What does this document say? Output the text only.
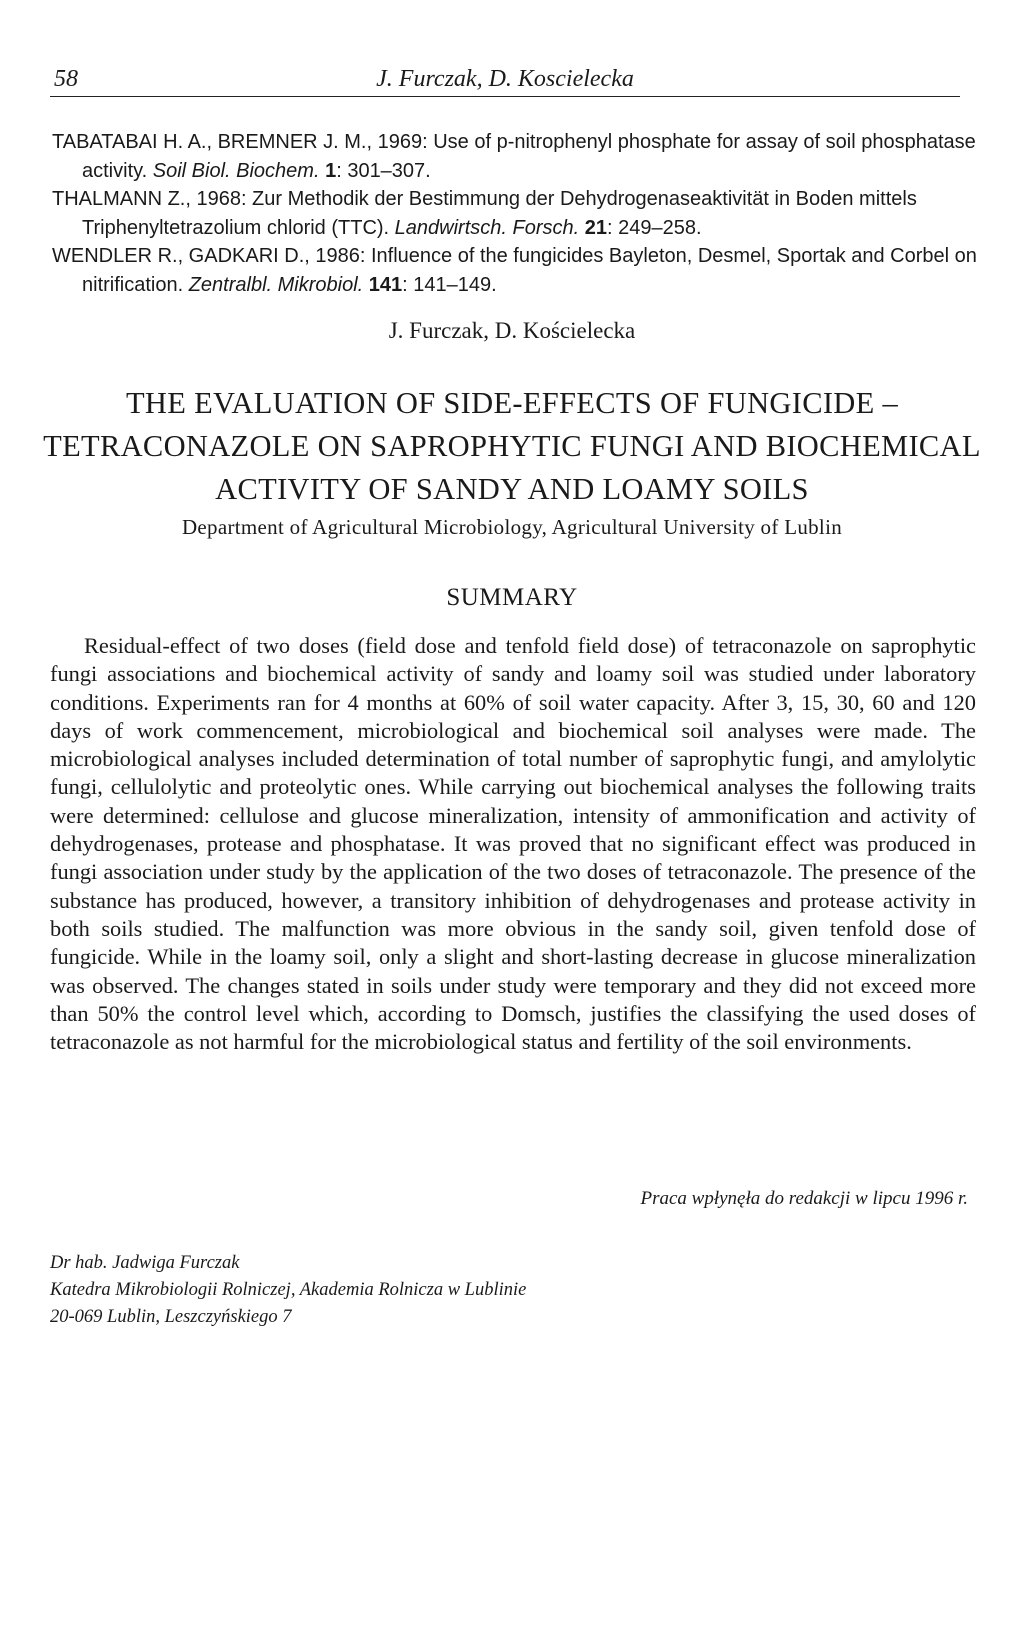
58	J. Furczak, D. Koscielecka
TABATABAI H. A., BREMNER J. M., 1969: Use of p-nitrophenyl phosphate for assay of soil phosphatase activity. Soil Biol. Biochem. 1: 301–307.
THALMANN Z., 1968: Zur Methodik der Bestimmung der Dehydrogenaseaktivität in Boden mittels Triphenyltetrazolium chlorid (TTC). Landwirtsch. Forsch. 21: 249–258.
WENDLER R., GADKARI D., 1986: Influence of the fungicides Bayleton, Desmel, Sportak and Corbel on nitrification. Zentralbl. Mikrobiol. 141: 141–149.
J. Furczak, D. Kościelecka
THE EVALUATION OF SIDE-EFFECTS OF FUNGICIDE – TETRACONAZOLE ON SAPROPHYTIC FUNGI AND BIOCHEMICAL ACTIVITY OF SANDY AND LOAMY SOILS
Department of Agricultural Microbiology, Agricultural University of Lublin
SUMMARY

Residual-effect of two doses (field dose and tenfold field dose) of tetraconazole on saprophytic fungi associations and biochemical activity of sandy and loamy soil was studied under laboratory conditions. Experiments ran for 4 months at 60% of soil water capacity. After 3, 15, 30, 60 and 120 days of work commencement, microbiological and biochemical soil analyses were made. The microbiological analyses included determination of total number of saprophytic fungi, and amylolytic fungi, cellulolytic and proteolytic ones. While carrying out biochemical analyses the following traits were determined: cellulose and glucose mineralization, intensity of ammonification and activity of dehydrogenases, protease and phosphatase. It was proved that no significant effect was produced in fungi association under study by the application of the two doses of tetraconazole. The presence of the substance has produced, however, a transitory inhibition of dehydrogenases and protease activity in both soils studied. The malfunction was more obvious in the sandy soil, given tenfold dose of fungicide. While in the loamy soil, only a slight and short-lasting decrease in glucose mineralization was observed. The changes stated in soils under study were temporary and they did not exceed more than 50% the control level which, according to Domsch, justifies the classifying the used doses of tetraconazole as not harmful for the microbiological status and fertility of the soil environments.

Praca wpłynęła do redakcji w lipcu 1996 r.
Dr hab. Jadwiga Furczak
Katedra Mikrobiologii Rolniczej, Akademia Rolnicza w Lublinie
20-069 Lublin, Leszczyńskiego 7
